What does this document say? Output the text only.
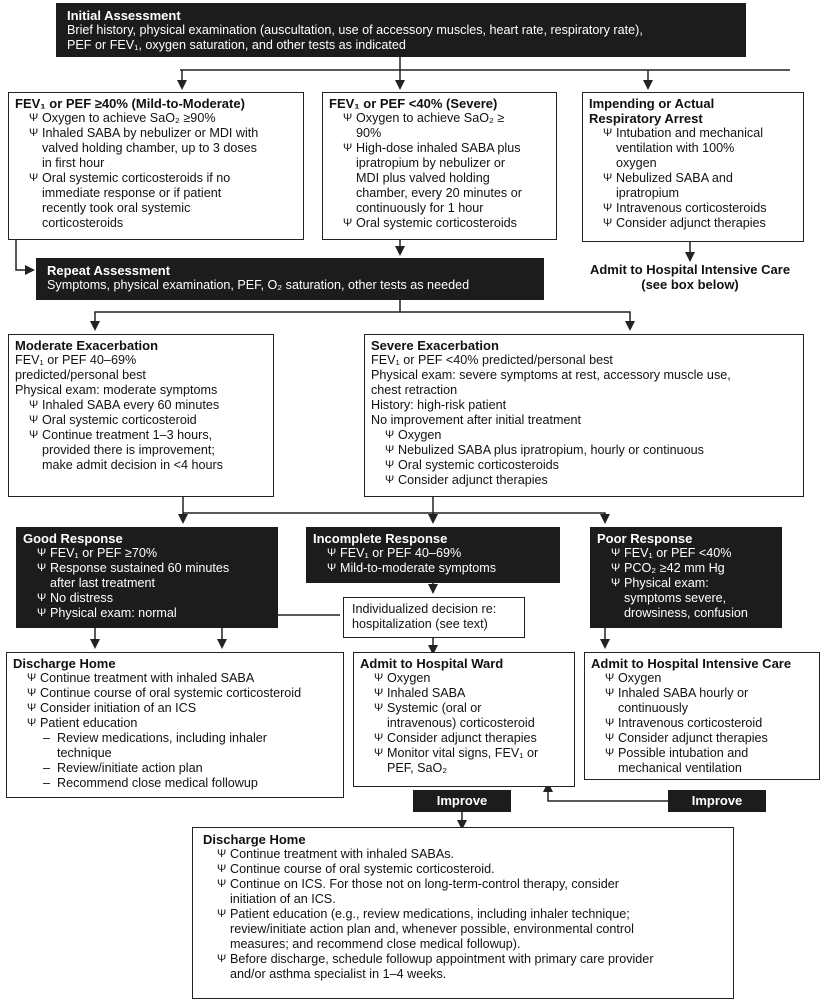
Initial Assessment
Brief history, physical examination (auscultation, use of accessory muscles, heart rate, respiratory rate),
PEF or FEV₁, oxygen saturation, and other tests as indicated
FEV₁ or PEF ≥40% (Mild-to-Moderate)
Ψ Oxygen to achieve SaO₂ ≥90%
Ψ Inhaled SABA by nebulizer or MDI with
valved holding chamber, up to 3 doses
in first hour
Ψ Oral systemic corticosteroids if no
immediate response or if patient
recently took oral systemic
corticosteroids
FEV₁ or PEF <40% (Severe)
Ψ Oxygen to achieve SaO₂ ≥
90%
Ψ High-dose inhaled SABA plus
ipratropium by nebulizer or
MDI plus valved holding
chamber, every 20 minutes or
continuously for 1 hour
Ψ Oral systemic corticosteroids
Impending or Actual
Respiratory Arrest
Ψ Intubation and mechanical
ventilation with 100%
oxygen
Ψ Nebulized SABA and
ipratropium
Ψ Intravenous corticosteroids
Ψ Consider adjunct therapies
Admit to Hospital Intensive Care
(see box below)
Repeat Assessment
Symptoms, physical examination, PEF, O₂ saturation, other tests as needed
Moderate Exacerbation
FEV₁ or PEF 40–69%
predicted/personal best
Physical exam: moderate symptoms
Ψ Inhaled SABA every 60 minutes
Ψ Oral systemic corticosteroid
Ψ Continue treatment 1–3 hours,
provided there is improvement;
make admit decision in <4 hours
Severe Exacerbation
FEV₁ or PEF <40% predicted/personal best
Physical exam: severe symptoms at rest, accessory muscle use,
chest retraction
History: high-risk patient
No improvement after initial treatment
Ψ Oxygen
Ψ Nebulized SABA plus ipratropium, hourly or continuous
Ψ Oral systemic corticosteroids
Ψ Consider adjunct therapies
Good Response
Ψ FEV₁ or PEF ≥70%
Ψ Response sustained 60 minutes
after last treatment
Ψ No distress
Ψ Physical exam: normal
Incomplete Response
Ψ FEV₁ or PEF 40–69%
Ψ Mild-to-moderate symptoms
Poor Response
Ψ FEV₁ or PEF <40%
Ψ PCO₂ ≥42 mm Hg
Ψ Physical exam:
symptoms severe,
drowsiness, confusion
Individualized decision re:
hospitalization (see text)
Discharge Home
Ψ Continue treatment with inhaled SABA
Ψ Continue course of oral systemic corticosteroid
Ψ Consider initiation of an ICS
Ψ Patient education
– Review medications, including inhaler
technique
– Review/initiate action plan
– Recommend close medical followup
Admit to Hospital Ward
Ψ Oxygen
Ψ Inhaled SABA
Ψ Systemic (oral or
intravenous) corticosteroid
Ψ Consider adjunct therapies
Ψ Monitor vital signs, FEV₁ or
PEF, SaO₂
Admit to Hospital Intensive Care
Ψ Oxygen
Ψ Inhaled SABA hourly or
continuously
Ψ Intravenous corticosteroid
Ψ Consider adjunct therapies
Ψ Possible intubation and
mechanical ventilation
Improve	Improve
Discharge Home
Ψ Continue treatment with inhaled SABAs.
Ψ Continue course of oral systemic corticosteroid.
Ψ Continue on ICS. For those not on long-term-control therapy, consider
initiation of an ICS.
Ψ Patient education (e.g., review medications, including inhaler technique;
review/initiate action plan and, whenever possible, environmental control
measures; and recommend close medical followup).
Ψ Before discharge, schedule followup appointment with primary care provider
and/or asthma specialist in 1–4 weeks.
